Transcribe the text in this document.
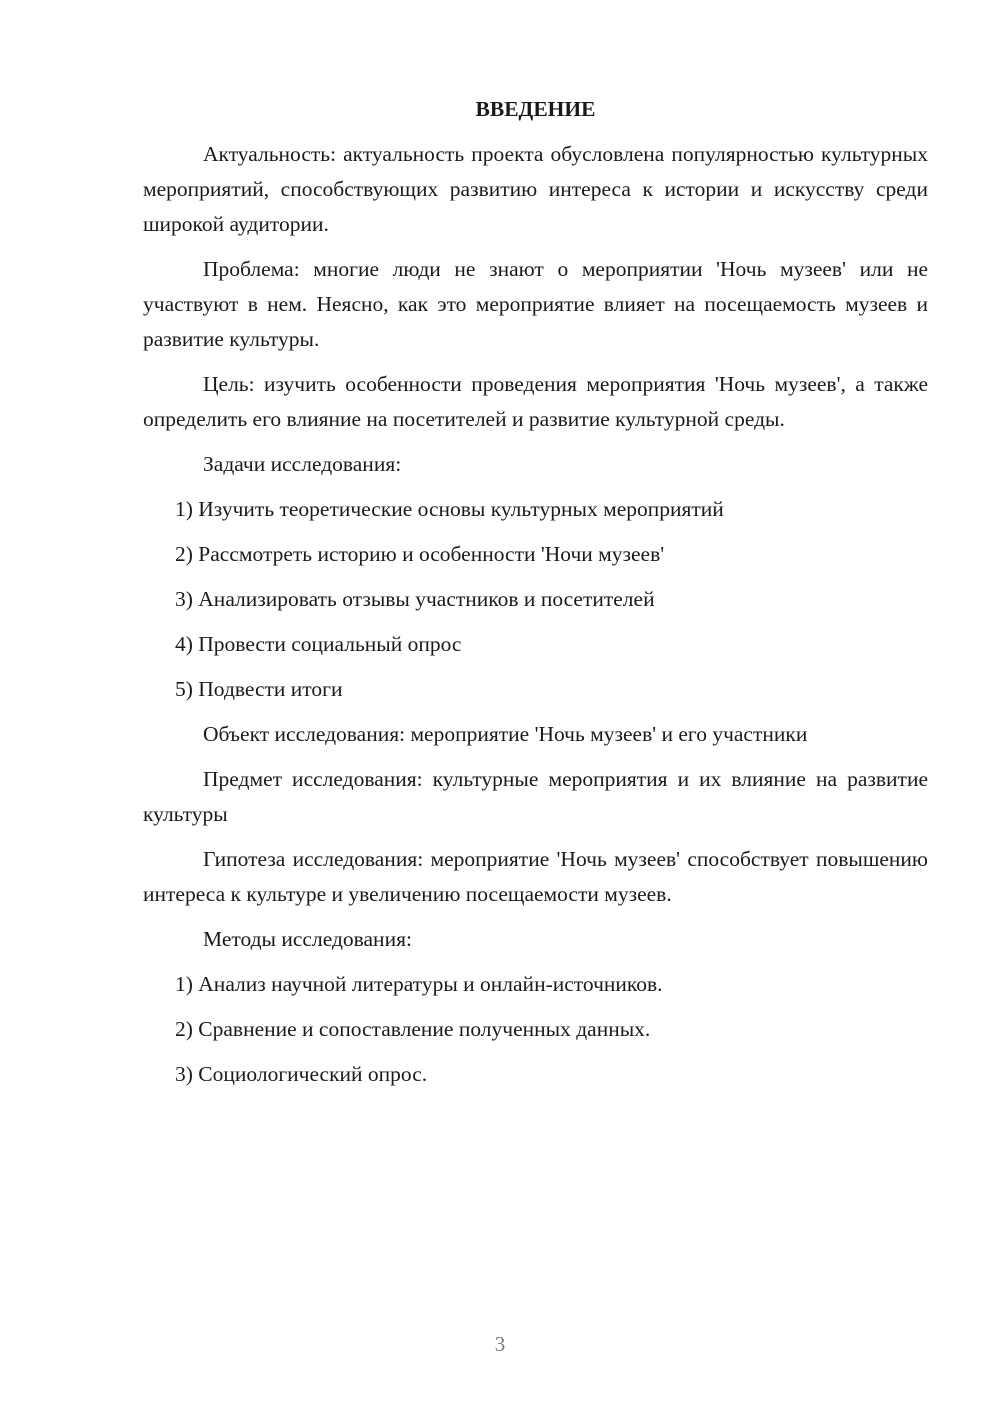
ВВЕДЕНИЕ
Актуальность: актуальность проекта обусловлена популярностью культурных мероприятий, способствующих развитию интереса к истории и искусству среди широкой аудитории.
Проблема: многие люди не знают о мероприятии 'Ночь музеев' или не участвуют в нем. Неясно, как это мероприятие влияет на посещаемость музеев и развитие культуры.
Цель: изучить особенности проведения мероприятия 'Ночь музеев', а также определить его влияние на посетителей и развитие культурной среды.
Задачи исследования:
1) Изучить теоретические основы культурных мероприятий
2) Рассмотреть историю и особенности 'Ночи музеев'
3) Анализировать отзывы участников и посетителей
4) Провести социальный опрос
5) Подвести итоги
Объект исследования: мероприятие 'Ночь музеев' и его участники
Предмет исследования: культурные мероприятия и их влияние на развитие культуры
Гипотеза исследования: мероприятие 'Ночь музеев' способствует повышению интереса к культуре и увеличению посещаемости музеев.
Методы исследования:
1) Анализ научной литературы и онлайн-источников.
2) Сравнение и сопоставление полученных данных.
3) Социологический опрос.
3
